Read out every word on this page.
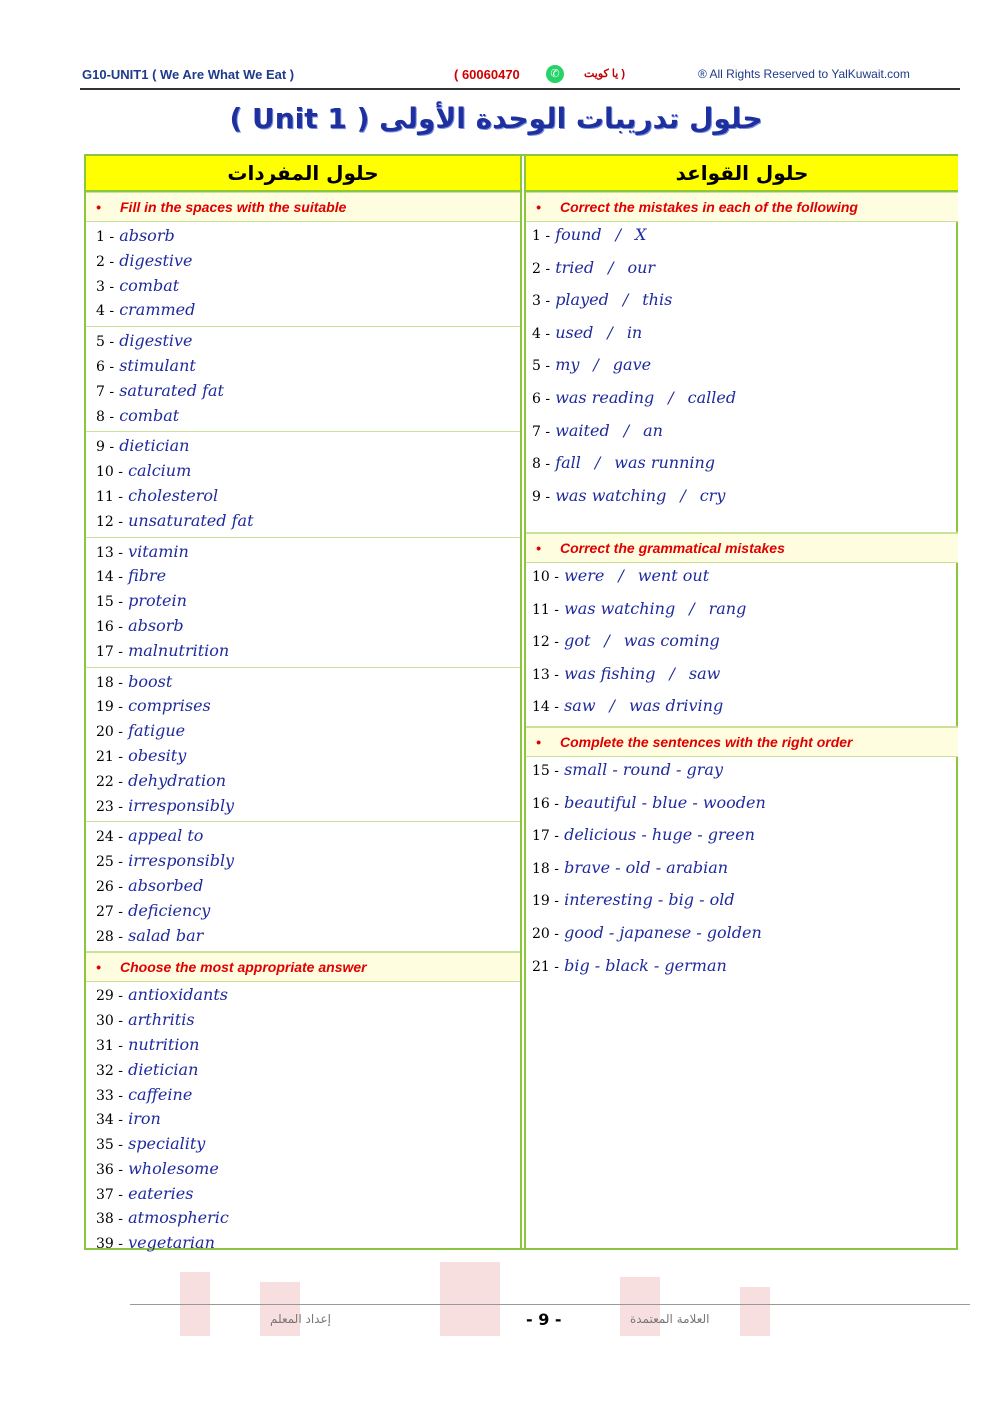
G10-UNIT1 ( We Are What We Eat )	( 60060470	✆	يا كويت )	® All Rights Reserved to YalKuwait.com
حلول تدريبات الوحدة الأولى ( Unit 1 )
حلول المفردات
• Fill in the spaces with the suitable
1 - absorb
2 - digestive
3 - combat
4 - crammed
5 - digestive
6 - stimulant
7 - saturated fat
8 - combat
9 - dietician
10 - calcium
11 - cholesterol
12 - unsaturated fat
13 - vitamin
14 - fibre
15 - protein
16 - absorb
17 - malnutrition
18 - boost
19 - comprises
20 - fatigue
21 - obesity
22 - dehydration
23 - irresponsibly
24 - appeal to
25 - irresponsibly
26 - absorbed
27 - deficiency
28 - salad bar
• Choose the most appropriate answer
29 - antioxidants
30 - arthritis
31 - nutrition
32 - dietician
33 - caffeine
34 - iron
35 - speciality
36 - wholesome
37 - eateries
38 - atmospheric
39 - vegetarian
حلول القواعد
• Correct the mistakes in each of the following
1 - found / X
2 - tried / our
3 - played / this
4 - used / in
5 - my / gave
6 - was reading / called
7 - waited / an
8 - fall / was running
9 - was watching / cry
• Correct the grammatical mistakes
10 - were / went out
11 - was watching / rang
12 - got / was coming
13 - was fishing / saw
14 - saw / was driving
• Complete the sentences with the right order
15 - small - round - gray
16 - beautiful - blue - wooden
17 - delicious - huge - green
18 - brave - old - arabian
19 - interesting - big - old
20 - good - japanese - golden
21 - big - black - german
إعداد المعلم	- 9 -	العلامة المعتمدة
